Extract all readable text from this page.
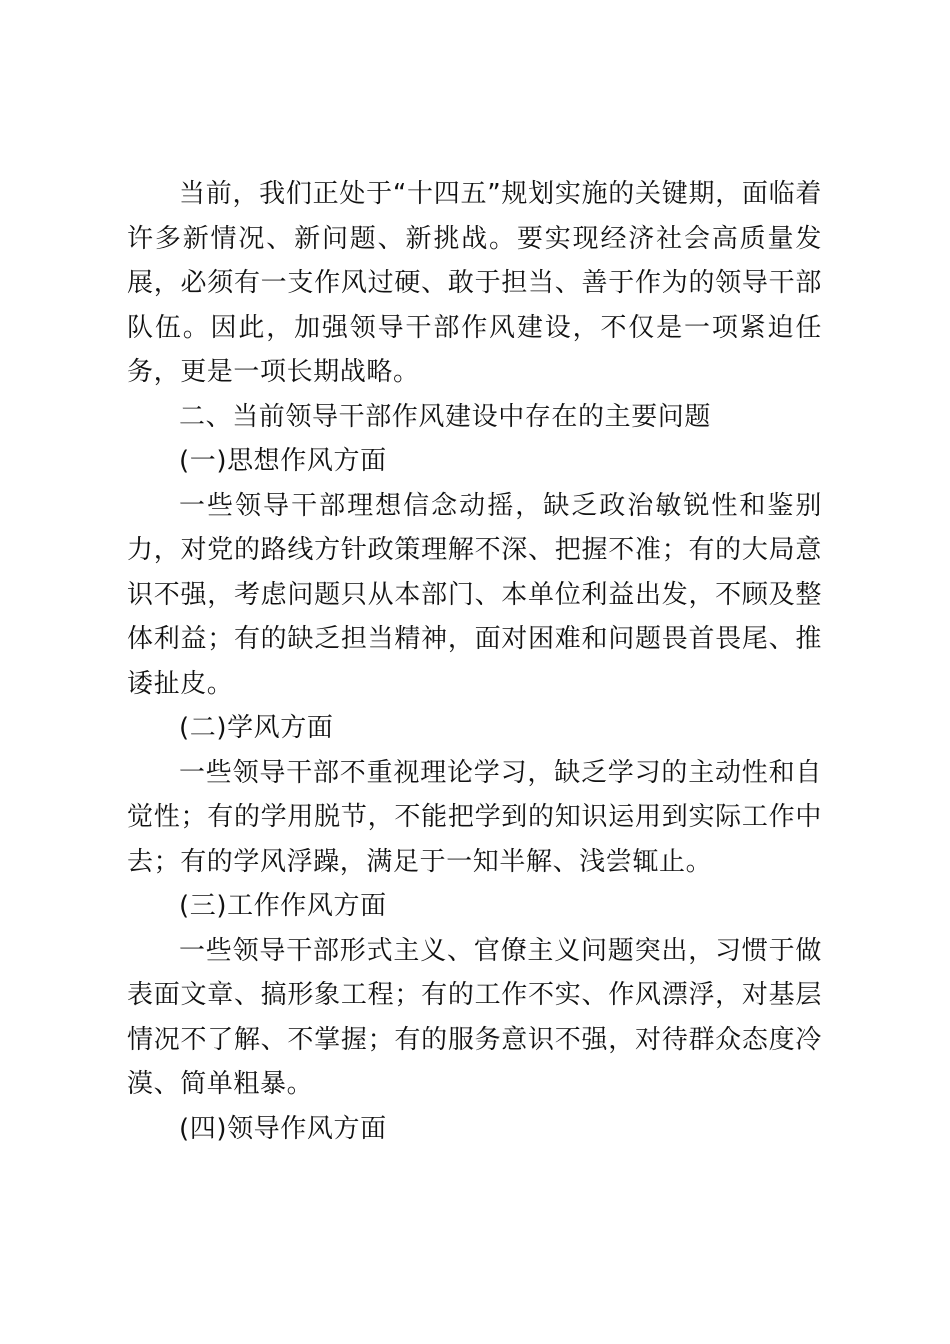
当前，我们正处于“十四五”规划实施的关键期，面临着许多新情况、新问题、新挑战。要实现经济社会高质量发展，必须有一支作风过硬、敢于担当、善于作为的领导干部队伍。因此，加强领导干部作风建设，不仅是一项紧迫任务，更是一项长期战略。

二、当前领导干部作风建设中存在的主要问题

(一)思想作风方面

一些领导干部理想信念动摇，缺乏政治敏锐性和鉴别力，对党的路线方针政策理解不深、把握不准；有的大局意识不强，考虑问题只从本部门、本单位利益出发，不顾及整体利益；有的缺乏担当精神，面对困难和问题畏首畏尾、推诿扯皮。

(二)学风方面

一些领导干部不重视理论学习，缺乏学习的主动性和自觉性；有的学用脱节，不能把学到的知识运用到实际工作中去；有的学风浮躁，满足于一知半解、浅尝辄止。

(三)工作作风方面

一些领导干部形式主义、官僚主义问题突出，习惯于做表面文章、搞形象工程；有的工作不实、作风漂浮，对基层情况不了解、不掌握；有的服务意识不强，对待群众态度冷漠、简单粗暴。

(四)领导作风方面
